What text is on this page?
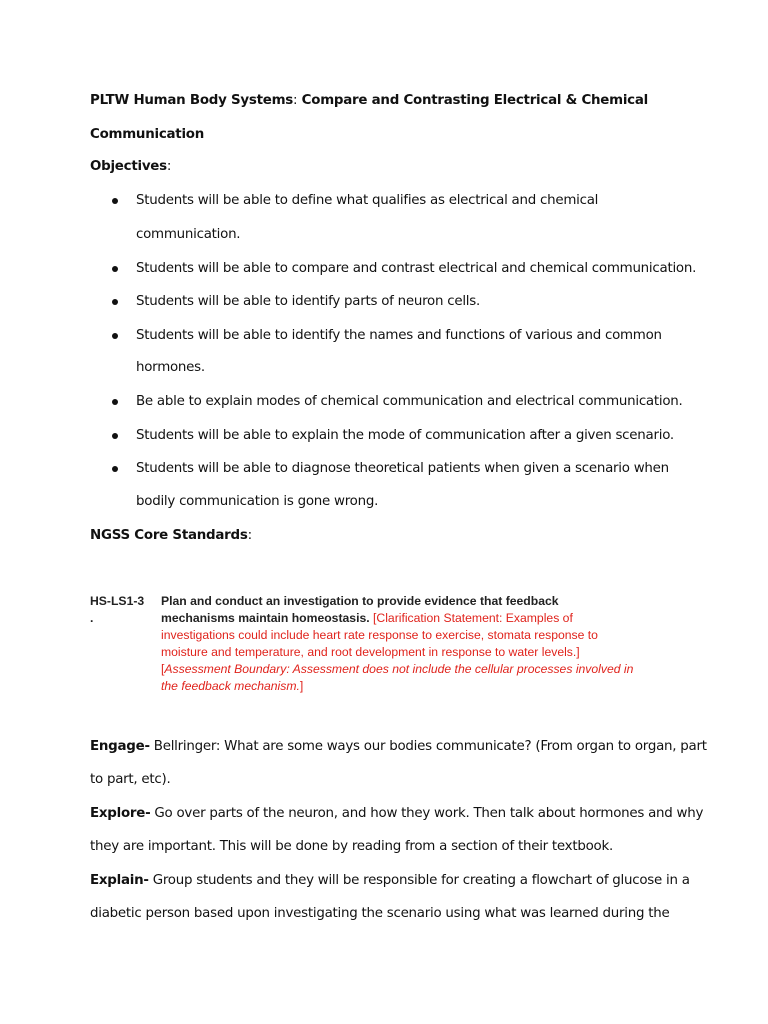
PLTW Human Body Systems: Compare and Contrasting Electrical & Chemical
Communication
Objectives:
Students will be able to define what qualifies as electrical and chemical
communication.
Students will be able to compare and contrast electrical and chemical communication.
Students will be able to identify parts of neuron cells.
Students will be able to identify the names and functions of various and common
hormones.
Be able to explain modes of chemical communication and electrical communication.
Students will be able to explain the mode of communication after a given scenario.
Students will be able to diagnose theoretical patients when given a scenario when
bodily communication is gone wrong.
NGSS Core Standards:
HS-LS1-3
.
Plan and conduct an investigation to provide evidence that feedback
mechanisms maintain homeostasis. [Clarification Statement: Examples of
investigations could include heart rate response to exercise, stomata response to
moisture and temperature, and root development in response to water levels.]
[Assessment Boundary: Assessment does not include the cellular processes involved in
the feedback mechanism.]
Engage- Bellringer: What are some ways our bodies communicate? (From organ to organ, part
to part, etc).
Explore- Go over parts of the neuron, and how they work. Then talk about hormones and why
they are important. This will be done by reading from a section of their textbook.
Explain- Group students and they will be responsible for creating a flowchart of glucose in a
diabetic person based upon investigating the scenario using what was learned during the
